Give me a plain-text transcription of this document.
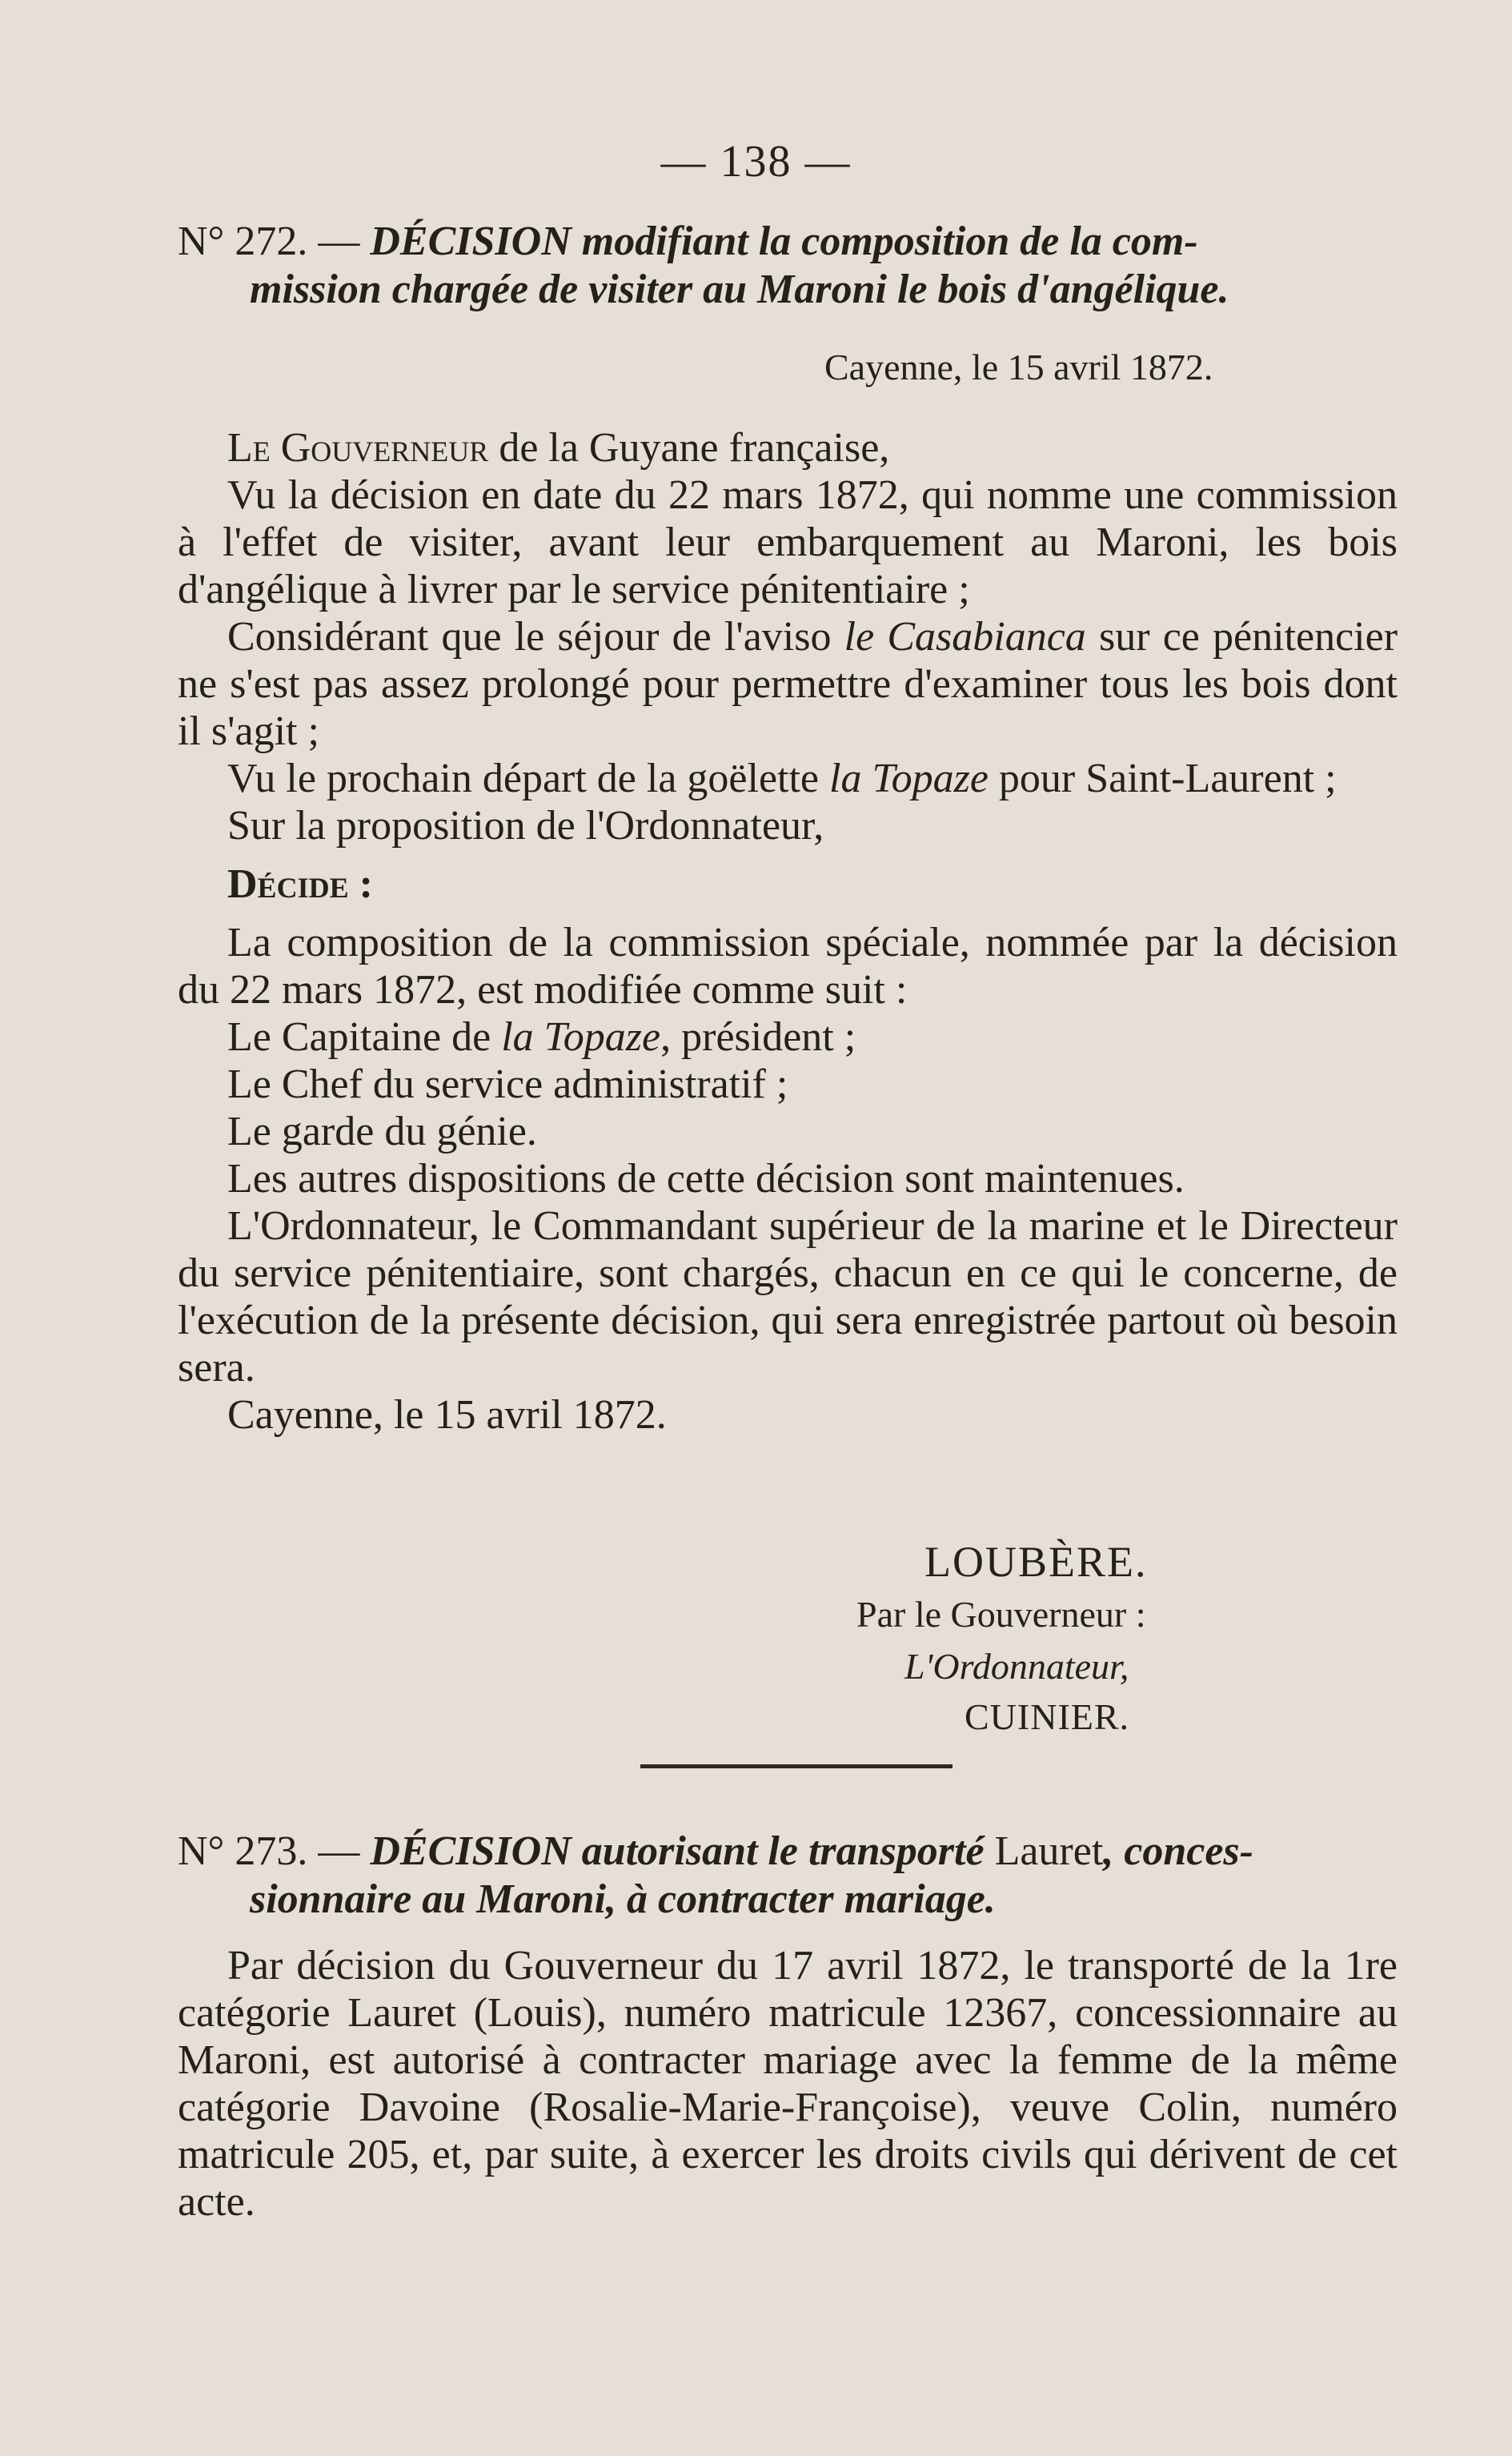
— 138 —
N° 272. — DÉCISION modifiant la composition de la com-
mission chargée de visiter au Maroni le bois d'angélique.
Cayenne, le 15 avril 1872.

Le Gouverneur de la Guyane française,

Vu la décision en date du 22 mars 1872, qui nomme une commission à l'effet de visiter, avant leur embarquement au Maroni, les bois d'angélique à livrer par le service pénitentiaire ;

Considérant que le séjour de l'aviso le Casabianca sur ce pénitencier ne s'est pas assez prolongé pour permettre d'examiner tous les bois dont il s'agit ;

Vu le prochain départ de la goëlette la Topaze pour Saint-Laurent ;

Sur la proposition de l'Ordonnateur,

Décide :

La composition de la commission spéciale, nommée par la décision du 22 mars 1872, est modifiée comme suit :

Le Capitaine de la Topaze, président ;

Le Chef du service administratif ;

Le garde du génie.

Les autres dispositions de cette décision sont maintenues.

L'Ordonnateur, le Commandant supérieur de la marine et le Directeur du service pénitentiaire, sont chargés, chacun en ce qui le concerne, de l'exécution de la présente décision, qui sera enregistrée partout où besoin sera.

Cayenne, le 15 avril 1872.

LOUBÈRE.
Par le Gouverneur :
L'Ordonnateur,
CUINIER.
N° 273. — DÉCISION autorisant le transporté Lauret, conces-
sionnaire au Maroni, à contracter mariage.

Par décision du Gouverneur du 17 avril 1872, le transporté de la 1re catégorie Lauret (Louis), numéro matricule 12367, concessionnaire au Maroni, est autorisé à contracter mariage avec la femme de la même catégorie Davoine (Rosalie-Marie-Françoise), veuve Colin, numéro matricule 205, et, par suite, à exercer les droits civils qui dérivent de cet acte.
